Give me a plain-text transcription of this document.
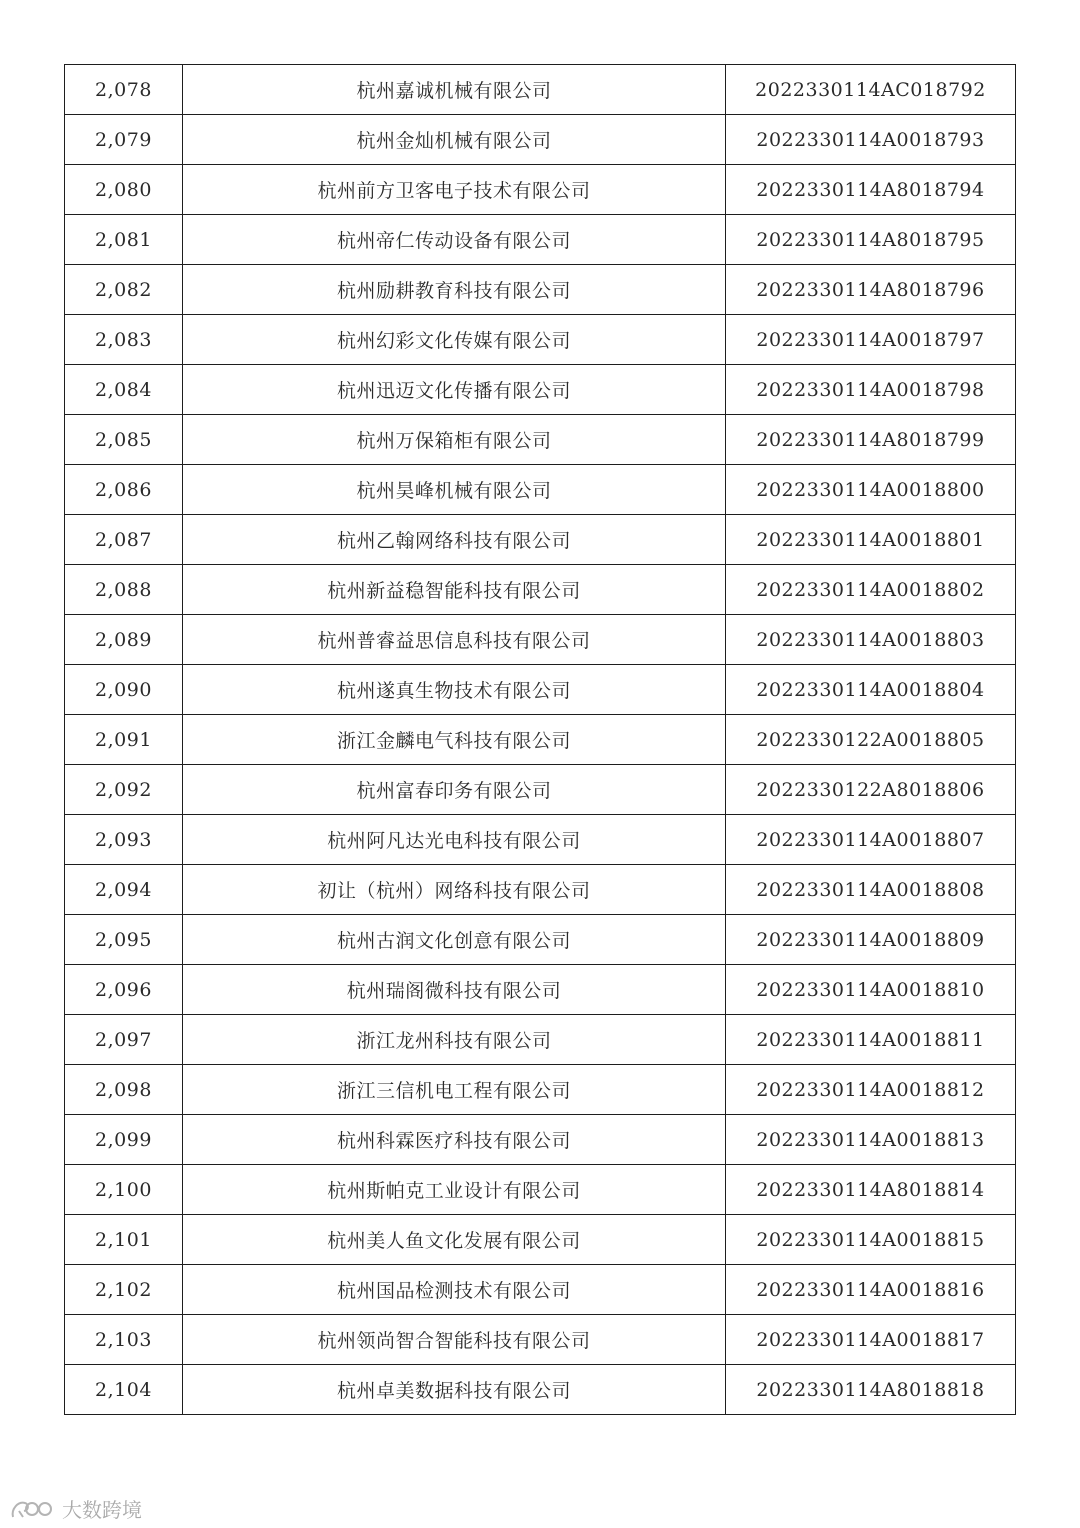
2,078	杭州嘉诚机械有限公司	2022330114AC018792
2,079	杭州金灿机械有限公司	2022330114A0018793
2,080	杭州前方卫客电子技术有限公司	2022330114A8018794
2,081	杭州帝仁传动设备有限公司	2022330114A8018795
2,082	杭州励耕教育科技有限公司	2022330114A8018796
2,083	杭州幻彩文化传媒有限公司	2022330114A0018797
2,084	杭州迅迈文化传播有限公司	2022330114A0018798
2,085	杭州万保箱柜有限公司	2022330114A8018799
2,086	杭州昊峰机械有限公司	2022330114A0018800
2,087	杭州乙翰网络科技有限公司	2022330114A0018801
2,088	杭州新益稳智能科技有限公司	2022330114A0018802
2,089	杭州普睿益思信息科技有限公司	2022330114A0018803
2,090	杭州遂真生物技术有限公司	2022330114A0018804
2,091	浙江金麟电气科技有限公司	2022330122A0018805
2,092	杭州富春印务有限公司	2022330122A8018806
2,093	杭州阿凡达光电科技有限公司	2022330114A0018807
2,094	初让（杭州）网络科技有限公司	2022330114A0018808
2,095	杭州古润文化创意有限公司	2022330114A0018809
2,096	杭州瑞阁微科技有限公司	2022330114A0018810
2,097	浙江龙州科技有限公司	2022330114A0018811
2,098	浙江三信机电工程有限公司	2022330114A0018812
2,099	杭州科霖医疗科技有限公司	2022330114A0018813
2,100	杭州斯帕克工业设计有限公司	2022330114A8018814
2,101	杭州美人鱼文化发展有限公司	2022330114A0018815
2,102	杭州国品检测技术有限公司	2022330114A0018816
2,103	杭州领尚智合智能科技有限公司	2022330114A0018817
2,104	杭州卓美数据科技有限公司	2022330114A8018818
大数跨境
